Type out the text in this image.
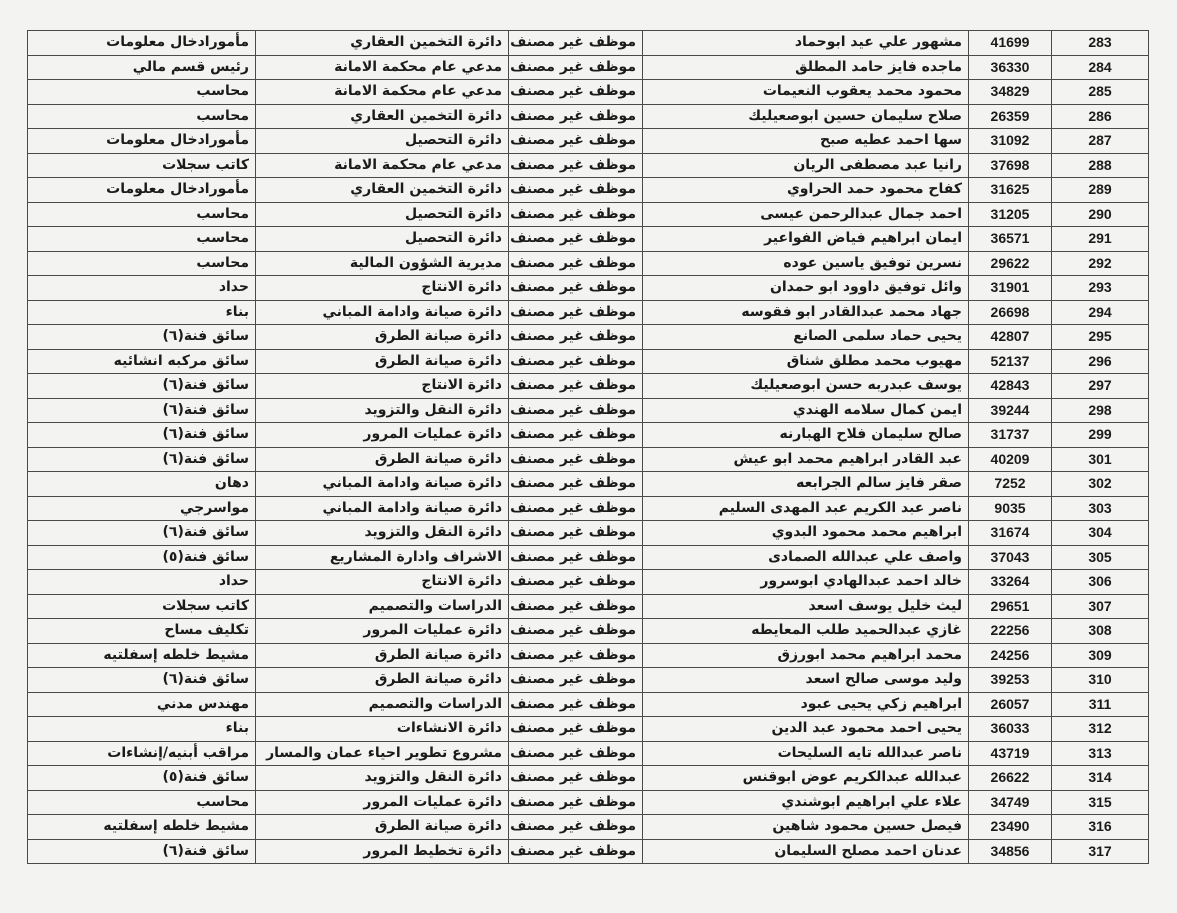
283	41699	مشهور علي عيد ابوحماد	موظف غير مصنف	دائرة التخمين العقاري	مأمورادخال معلومات
284	36330	ماجده فايز حامد المطلق	موظف غير مصنف	مدعي عام محكمة الامانة	رئيس قسم مالي
285	34829	محمود محمد يعقوب النعيمات	موظف غير مصنف	مدعي عام محكمة الامانة	محاسب
286	26359	صلاح سليمان حسين ابوصعيليك	موظف غير مصنف	دائرة التخمين العقاري	محاسب
287	31092	سها احمد عطيه صبح	موظف غير مصنف	دائرة التحصيل	مأمورادخال معلومات
288	37698	رانيا عبد مصطفى الريان	موظف غير مصنف	مدعي عام محكمة الامانة	كاتب سجلات
289	31625	كفاح محمود حمد الحراوي	موظف غير مصنف	دائرة التخمين العقاري	مأمورادخال معلومات
290	31205	احمد جمال عبدالرحمن عيسى	موظف غير مصنف	دائرة التحصيل	محاسب
291	36571	ايمان ابراهيم فياض الفواعير	موظف غير مصنف	دائرة التحصيل	محاسب
292	29622	نسرين توفيق ياسين عوده	موظف غير مصنف	مديرية الشؤون المالية	محاسب
293	31901	وائل توفيق داوود ابو حمدان	موظف غير مصنف	دائرة الانتاج	حداد
294	26698	جهاد محمد عبدالقادر ابو فقوسه	موظف غير مصنف	دائرة صيانة وادامة المباني	بناء
295	42807	يحيى حماد سلمى الصانع	موظف غير مصنف	دائرة صيانة الطرق	سائق فنة(٦)
296	52137	مهيوب محمد مطلق شناق	موظف غير مصنف	دائرة صيانة الطرق	سائق مركبه انشائيه
297	42843	يوسف عبدربه حسن ابوصعيليك	موظف غير مصنف	دائرة الانتاج	سائق فنة(٦)
298	39244	ايمن كمال سلامه الهندي	موظف غير مصنف	دائرة النقل والتزويد	سائق فنة(٦)
299	31737	صالح سليمان فلاح الهبارنه	موظف غير مصنف	دائرة عمليات المرور	سائق فنة(٦)
301	40209	عبد القادر ابراهيم محمد ابو عيش	موظف غير مصنف	دائرة صيانة الطرق	سائق فنة(٦)
302	7252	صقر فايز سالم الجرابعه	موظف غير مصنف	دائرة صيانة وادامة المباني	دهان
303	9035	ناصر عبد الكريم عبد المهدى السليم	موظف غير مصنف	دائرة صيانة وادامة المباني	مواسرجي
304	31674	ابراهيم محمد محمود البدوي	موظف غير مصنف	دائرة النقل والتزويد	سائق فنة(٦)
305	37043	واصف علي عبدالله الصمادى	موظف غير مصنف	الاشراف وادارة المشاريع	سائق فنة(٥)
306	33264	خالد احمد عبدالهادي ابوسرور	موظف غير مصنف	دائرة الانتاج	حداد
307	29651	ليث خليل يوسف اسعد	موظف غير مصنف	الدراسات والتصميم	كاتب سجلات
308	22256	غازي عبدالحميد طلب المعايطه	موظف غير مصنف	دائرة عمليات المرور	تكليف مساح
309	24256	محمد ابراهيم محمد ابورزق	موظف غير مصنف	دائرة صيانة الطرق	مشيط خلطه إسفلتيه
310	39253	وليد موسى صالح اسعد	موظف غير مصنف	دائرة صيانة الطرق	سائق فنة(٦)
311	26057	ابراهيم زكي يحيى عبود	موظف غير مصنف	الدراسات والتصميم	مهندس مدني
312	36033	يحيى احمد محمود عبد الدين	موظف غير مصنف	دائرة الانشاءات	بناء
313	43719	ناصر عبدالله تايه السليحات	موظف غير مصنف	مشروع تطوير احياء عمان والمسار	مراقب أبنيه/إنشاءات
314	26622	عبدالله عبدالكريم عوض ابوقنس	موظف غير مصنف	دائرة النقل والتزويد	سائق فنة(٥)
315	34749	علاء علي ابراهيم ابوشندي	موظف غير مصنف	دائرة عمليات المرور	محاسب
316	23490	فيصل حسين محمود شاهين	موظف غير مصنف	دائرة صيانة الطرق	مشيط خلطه إسفلتيه
317	34856	عدنان احمد مصلح السليمان	موظف غير مصنف	دائرة تخطيط المرور	سائق فنة(٦)
